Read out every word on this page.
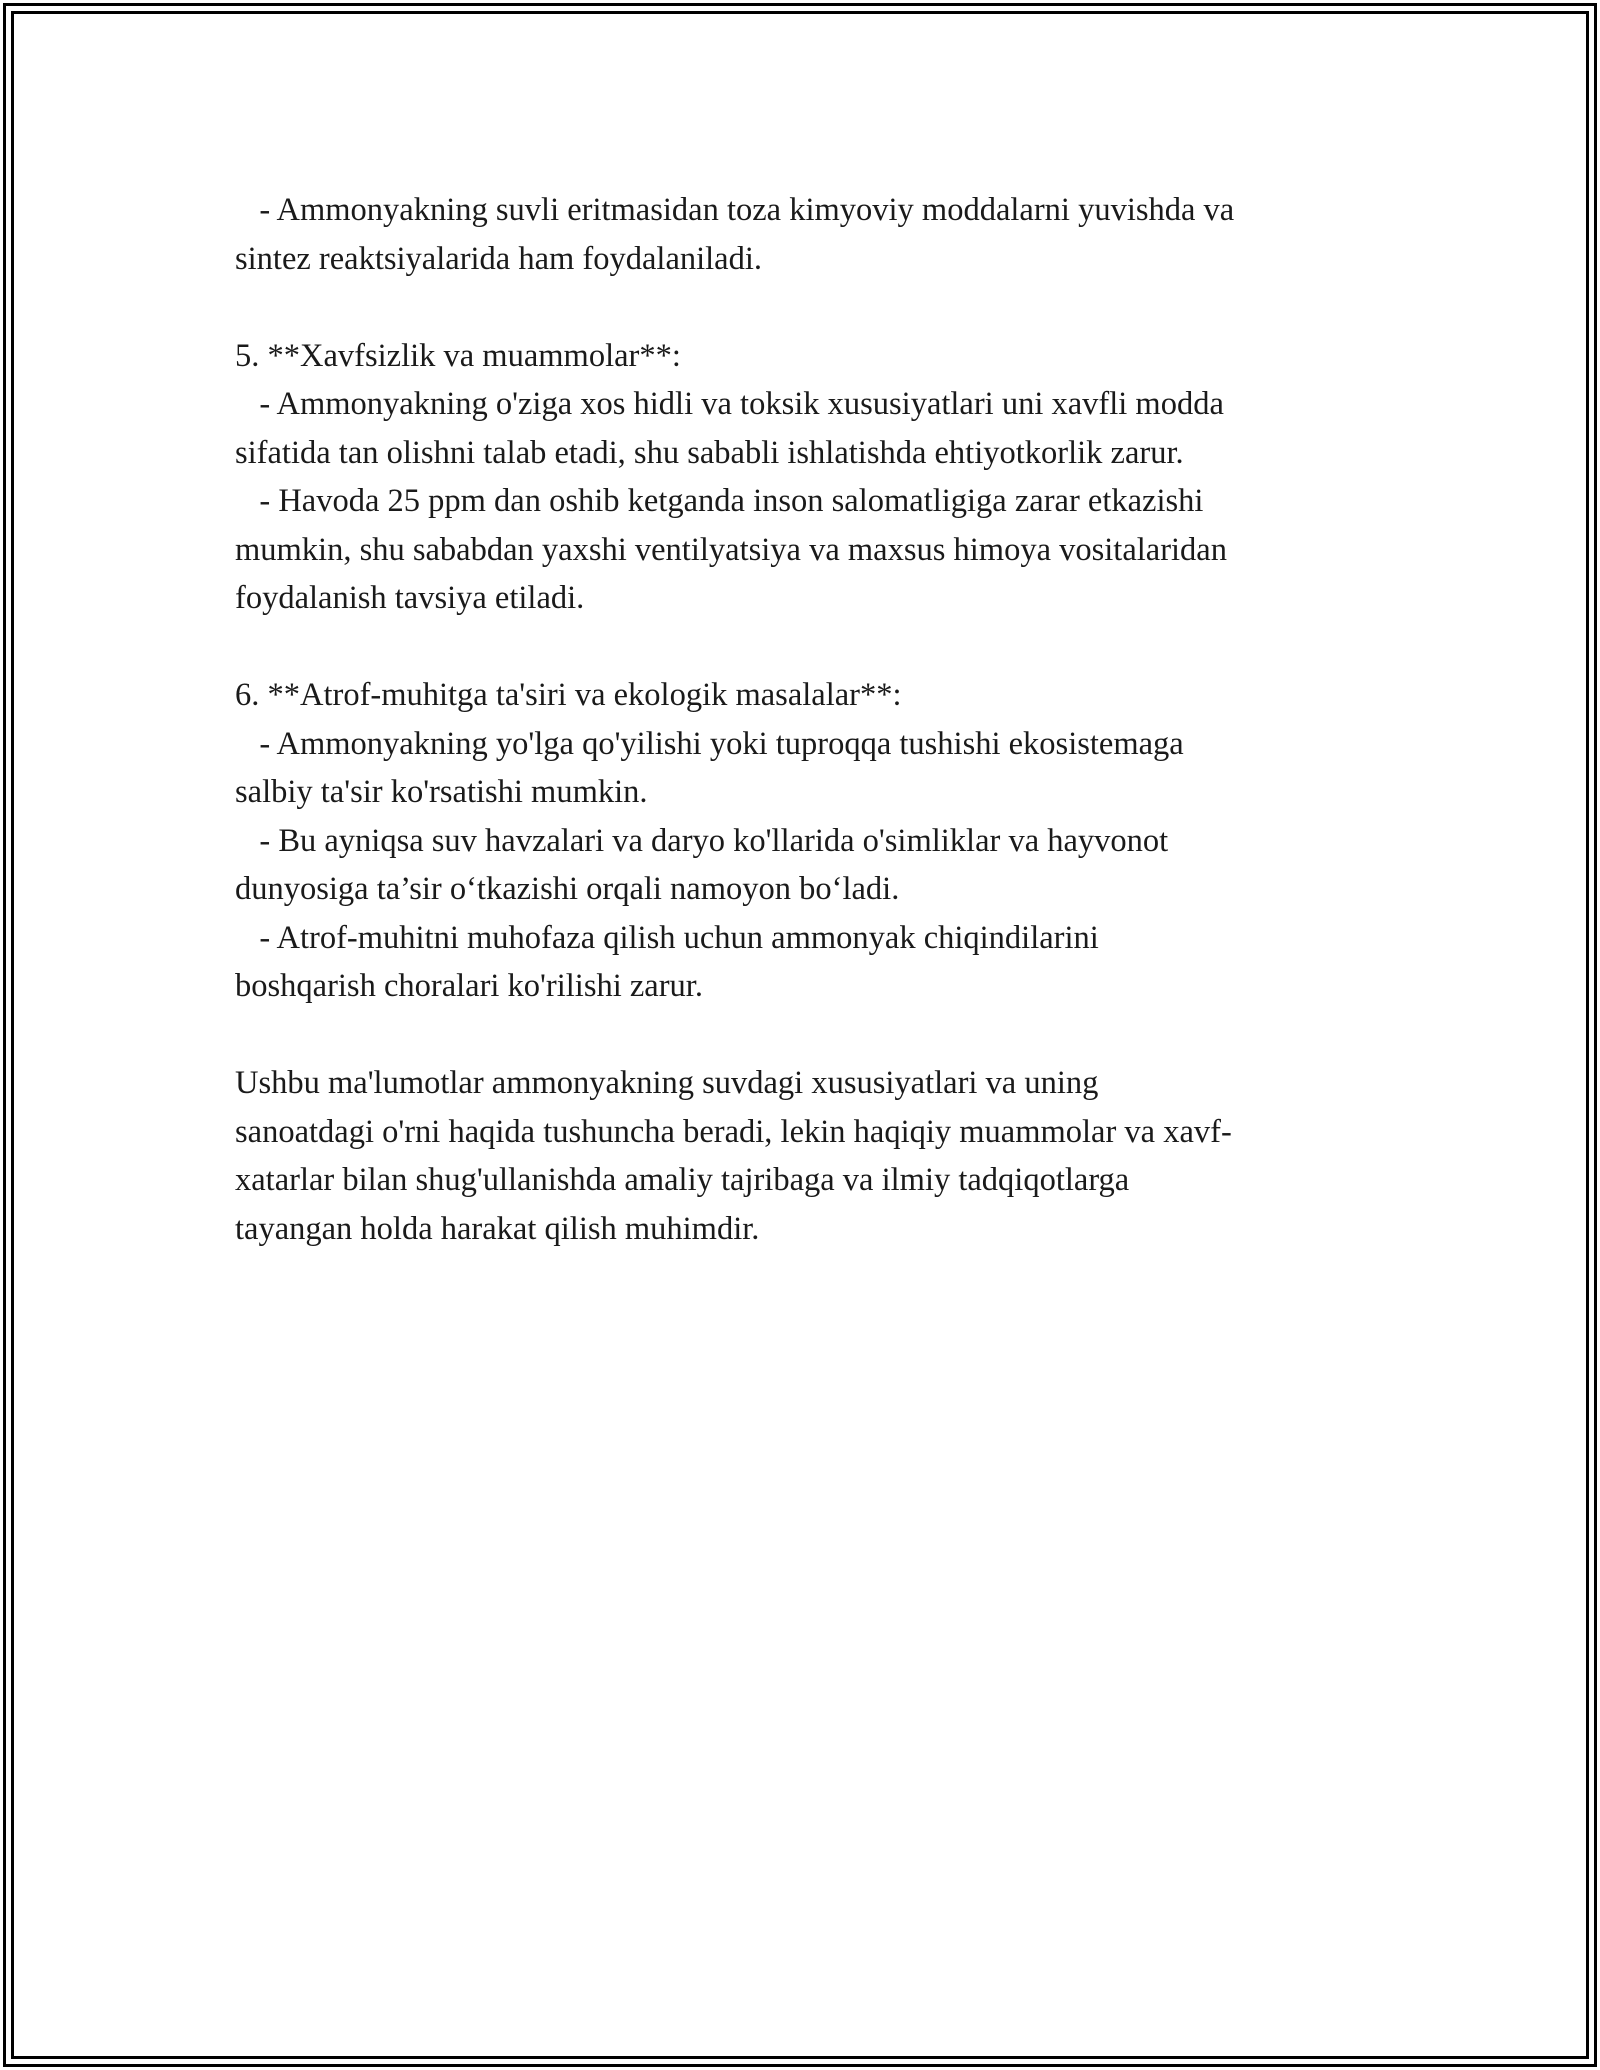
- Ammonyakning suvli eritmasidan toza kimyoviy moddalarni yuvishda va
sintez reaktsiyalarida ham foydalaniladi.
5. **Xavfsizlik va muammolar**:
- Ammonyakning o'ziga xos hidli va toksik xususiyatlari uni xavfli modda
sifatida tan olishni talab etadi, shu sababli ishlatishda ehtiyotkorlik zarur.
- Havoda 25 ppm dan oshib ketganda inson salomatligiga zarar etkazishi
mumkin, shu sababdan yaxshi ventilyatsiya va maxsus himoya vositalaridan
foydalanish tavsiya etiladi.
6. **Atrof-muhitga ta'siri va ekologik masalalar**:
- Ammonyakning yo'lga qo'yilishi yoki tuproqqa tushishi ekosistemaga
salbiy ta'sir ko'rsatishi mumkin.
- Bu ayniqsa suv havzalari va daryo ko'llarida o'simliklar va hayvonot
dunyosiga ta’sir o‘tkazishi orqali namoyon bo‘ladi.
- Atrof-muhitni muhofaza qilish uchun ammonyak chiqindilarini
boshqarish choralari ko'rilishi zarur.
Ushbu ma'lumotlar ammonyakning suvdagi xususiyatlari va uning
sanoatdagi o'rni haqida tushuncha beradi, lekin haqiqiy muammolar va xavf-
xatarlar bilan shug'ullanishda amaliy tajribaga va ilmiy tadqiqotlarga
tayangan holda harakat qilish muhimdir.
